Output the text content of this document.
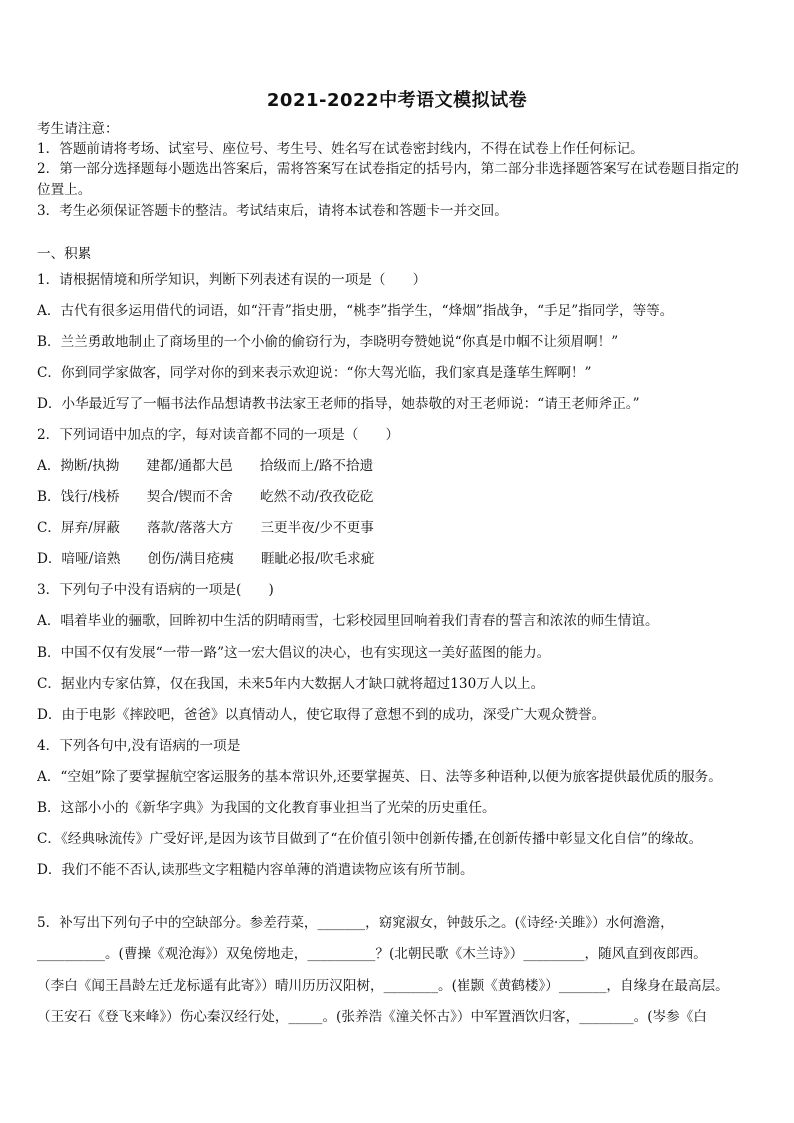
2021-2022中考语文模拟试卷
考生请注意：
1．答题前请将考场、试室号、座位号、考生号、姓名写在试卷密封线内，不得在试卷上作任何标记。
2．第一部分选择题每小题选出答案后，需将答案写在试卷指定的括号内，第二部分非选择题答案写在试卷题目指定的
位置上。
3．考生必须保证答题卡的整洁。考试结束后，请将本试卷和答题卡一并交回。
一、积累
1．请根据情境和所学知识，判断下列表述有误的一项是（　　）
A．古代有很多运用借代的词语，如“汗青”指史册，“桃李”指学生，“烽烟”指战争，“手足”指同学，等等。
B．兰兰勇敢地制止了商场里的一个小偷的偷窃行为，李晓明夸赞她说“你真是巾帼不让须眉啊！”
C．你到同学家做客，同学对你的到来表示欢迎说：“你大驾光临，我们家真是蓬荜生辉啊！”
D．小华最近写了一幅书法作品想请教书法家王老师的指导，她恭敬的对王老师说：“请王老师斧正。”
2．下列词语中加点的字，每对读音都不同的一项是（　　）
A．拗断/执拗　　建都/通都大邑　　拾级而上/路不拾遗
B．饯行/栈桥　　契合/锲而不舍　　屹然不动/孜孜矻矻
C．屏弃/屏蔽　　落款/落落大方　　三更半夜/少不更事
D．喑哑/谙熟　　创伤/满目疮痍　　睚眦必报/吹毛求疵
3．下列句子中没有语病的一项是(　　)
A．唱着毕业的骊歌，回眸初中生活的阴晴雨雪，七彩校园里回响着我们青春的誓言和浓浓的师生情谊。
B．中国不仅有发展“一带一路”这一宏大倡议的决心，也有实现这一美好蓝图的能力。
C．据业内专家估算，仅在我国，未来5年内大数据人才缺口就将超过130万人以上。
D．由于电影《摔跤吧，爸爸》以真情动人，使它取得了意想不到的成功，深受广大观众赞誉。
4．下列各句中,没有语病的一项是
A．“空姐”除了要掌握航空客运服务的基本常识外,还要掌握英、日、法等多种语种,以便为旅客提供最优质的服务。
B．这部小小的《新华字典》为我国的文化教育事业担当了光荣的历史重任。
C．《经典咏流传》广受好评,是因为该节目做到了“在价值引领中创新传播,在创新传播中彰显文化自信”的缘故。
D．我们不能不否认,读那些文字粗糙内容单薄的消遣读物应该有所节制。
5．补写出下列句子中的空缺部分。参差荇菜，_______，窈窕淑女，钟鼓乐之。(《诗经·关雎》）水何澹澹，
__________。(曹操《观沧海》）双兔傍地走，__________？(北朝民歌《木兰诗》）_________，随风直到夜郎西。
（李白《闻王昌龄左迁龙标遥有此寄》）晴川历历汉阳树，________。(崔颢《黄鹤楼》）_______，自缘身在最高层。
（王安石《登飞来峰》）伤心秦汉经行处，_____。(张养浩《潼关怀古》）中军置酒饮归客，________。(岑参《白
